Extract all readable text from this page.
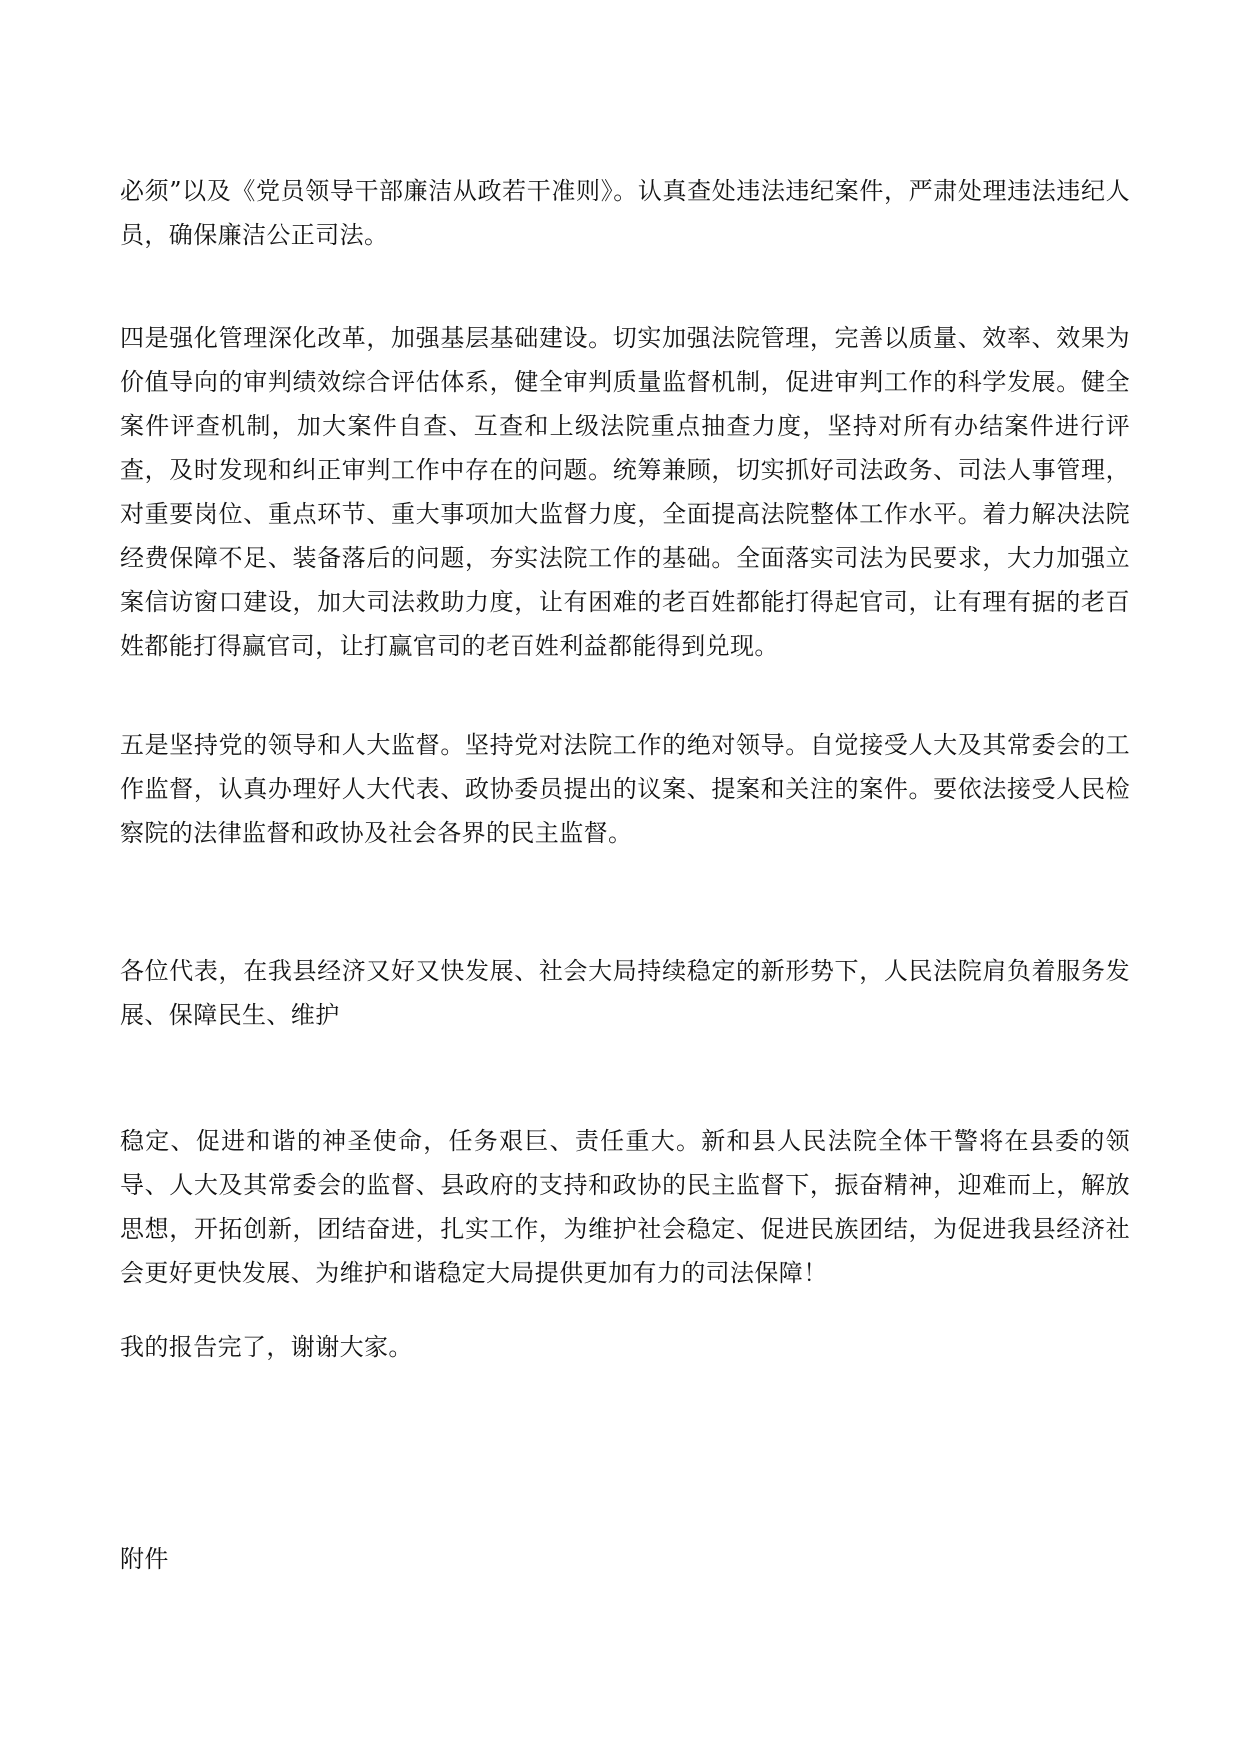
必须”以及《党员领导干部廉洁从政若干准则》。认真查处违法违纪案件，严肃处理违法违纪人员，确保廉洁公正司法。

四是强化管理深化改革，加强基层基础建设。切实加强法院管理，完善以质量、效率、效果为价值导向的审判绩效综合评估体系，健全审判质量监督机制，促进审判工作的科学发展。健全案件评查机制，加大案件自查、互查和上级法院重点抽查力度，坚持对所有办结案件进行评查，及时发现和纠正审判工作中存在的问题。统筹兼顾，切实抓好司法政务、司法人事管理，对重要岗位、重点环节、重大事项加大监督力度，全面提高法院整体工作水平。着力解决法院经费保障不足、装备落后的问题，夯实法院工作的基础。全面落实司法为民要求，大力加强立案信访窗口建设，加大司法救助力度，让有困难的老百姓都能打得起官司，让有理有据的老百姓都能打得赢官司，让打赢官司的老百姓利益都能得到兑现。

五是坚持党的领导和人大监督。坚持党对法院工作的绝对领导。自觉接受人大及其常委会的工作监督，认真办理好人大代表、政协委员提出的议案、提案和关注的案件。要依法接受人民检察院的法律监督和政协及社会各界的民主监督。

各位代表，在我县经济又好又快发展、社会大局持续稳定的新形势下，人民法院肩负着服务发展、保障民生、维护

稳定、促进和谐的神圣使命，任务艰巨、责任重大。新和县人民法院全体干警将在县委的领导、人大及其常委会的监督、县政府的支持和政协的民主监督下，振奋精神，迎难而上，解放思想，开拓创新，团结奋进，扎实工作，为维护社会稳定、促进民族团结，为促进我县经济社会更好更快发展、为维护和谐稳定大局提供更加有力的司法保障！

我的报告完了，谢谢大家。

附件
